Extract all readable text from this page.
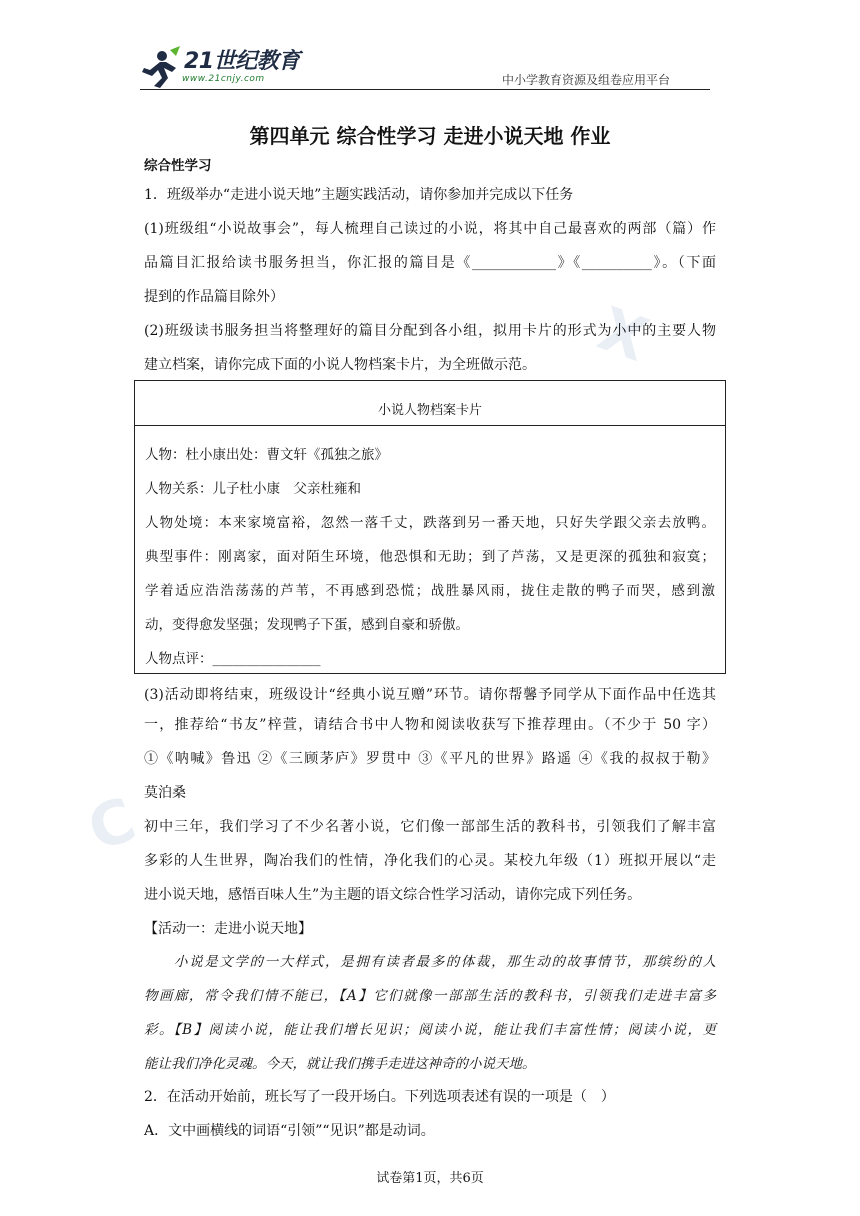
X
C
21世纪教育
www.21cnjy.com	中小学教育资源及组卷应用平台
第四单元 综合性学习 走进小说天地 作业
综合性学习
1．班级举办“走进小说天地”主题实践活动，请你参加并完成以下任务
(1)班级组“小说故事会”，每人梳理自己读过的小说，将其中自己最喜欢的两部（篇）作
品篇目汇报给读书服务担当，你汇报的篇目是《____________》《__________》。（下面
提到的作品篇目除外）
(2)班级读书服务担当将整理好的篇目分配到各小组，拟用卡片的形式为小中的主要人物
建立档案，请你完成下面的小说人物档案卡片，为全班做示范。
小说人物档案卡片
人物：杜小康出处：曹文轩《孤独之旅》
人物关系：儿子杜小康　父亲杜雍和
人物处境：本来家境富裕，忽然一落千丈，跌落到另一番天地，只好失学跟父亲去放鸭。
典型事件：刚离家，面对陌生环境，他恐惧和无助；到了芦荡，又是更深的孤独和寂寞；
学着适应浩浩荡荡的芦苇，不再感到恐慌；战胜暴风雨，拢住走散的鸭子而哭，感到激
动，变得愈发坚强；发现鸭子下蛋，感到自豪和骄傲。
人物点评：________________
(3)活动即将结束，班级设计“经典小说互赠”环节。请你帮馨予同学从下面作品中任选其
一，推荐给“书友”梓萱，请结合书中人物和阅读收获写下推荐理由。（不少于 50 字）
①《呐喊》鲁迅 ②《三顾茅庐》罗贯中 ③《平凡的世界》路遥 ④《我的叔叔于勒》
莫泊桑
初中三年，我们学习了不少名著小说，它们像一部部生活的教科书，引领我们了解丰富
多彩的人生世界，陶冶我们的性情，净化我们的心灵。某校九年级（1）班拟开展以“走
进小说天地，感悟百味人生”为主题的语文综合性学习活动，请你完成下列任务。
【活动一：走进小说天地】
小说是文学的一大样式，是拥有读者最多的体裁，那生动的故事情节，那缤纷的人
物画廊，常令我们情不能已，【A】它们就像一部部生活的教科书，引领我们走进丰富多
彩。【B】阅读小说，能让我们增长见识；阅读小说，能让我们丰富性情；阅读小说，更
能让我们净化灵魂。今天，就让我们携手走进这神奇的小说天地。
2．在活动开始前，班长写了一段开场白。下列选项表述有误的一项是（　）
A．文中画横线的词语“引领”“见识”都是动词。
试卷第1页，共6页
